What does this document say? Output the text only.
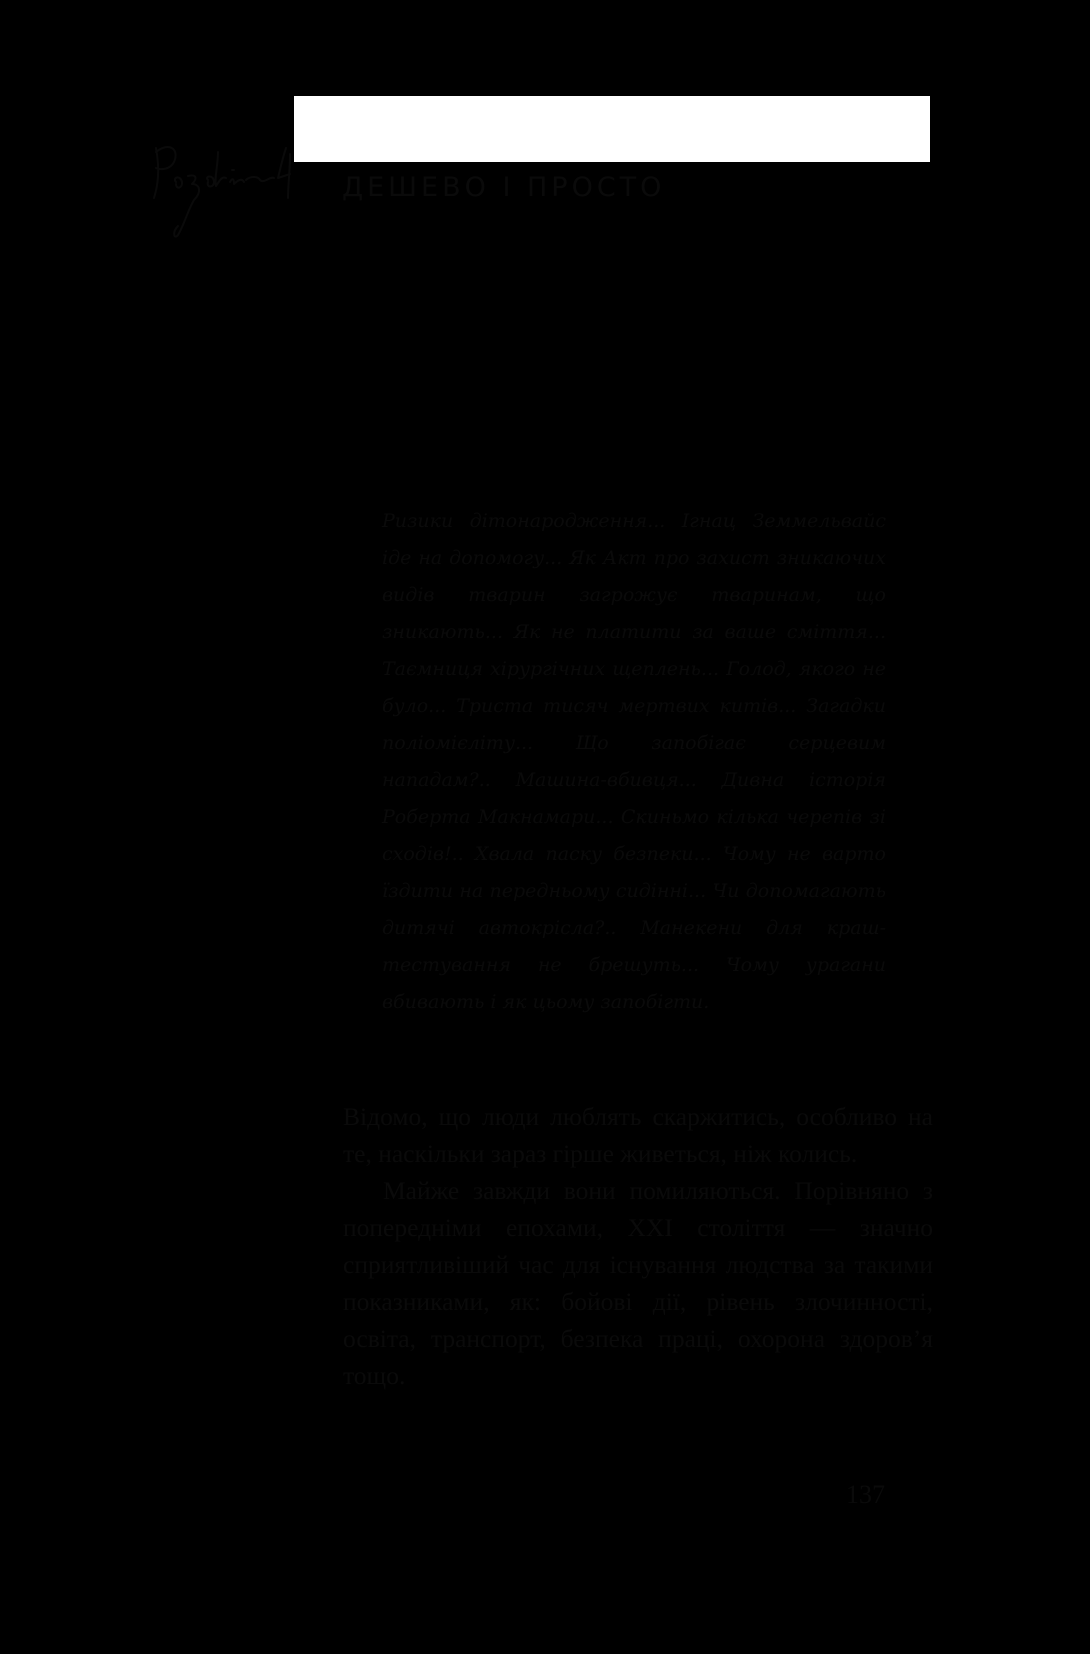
ДЕШЕВО І ПРОСТО
Ризики дітонародження... Ігнац Земмельвайс іде на допомогу... Як Акт про захист зникаючих видів тварин загрожує тваринам, що зникають... Як не платити за ваше сміття... Таємниця хірургічних щеплень... Голод, якого не було... Триста тисяч мертвих китів... Загадки поліомієліту... Що запобігає серцевим нападам?.. Машина-вбивця... Дивна історія Роберта Макнамари... Скиньмо кілька черепів зі сходів!.. Хвала паску безпеки... Чому не варто їздити на передньому сидінні... Чи допомагають дитячі автокрісла?.. Манекени для краш-тестування не брешуть... Чому урагани вбивають і як цьому запобігти.

Відомо, що люди люблять скаржитись, особливо на те, наскільки зараз гірше живеться, ніж колись.

Майже завжди вони помиляються. Порівняно з попередніми епохами, XXI століття — значно сприятливіший час для існування людства за такими показниками, як: бойові дії, рівень злочинності, освіта, транспорт, безпека праці, охорона здоров’я тощо.

137
